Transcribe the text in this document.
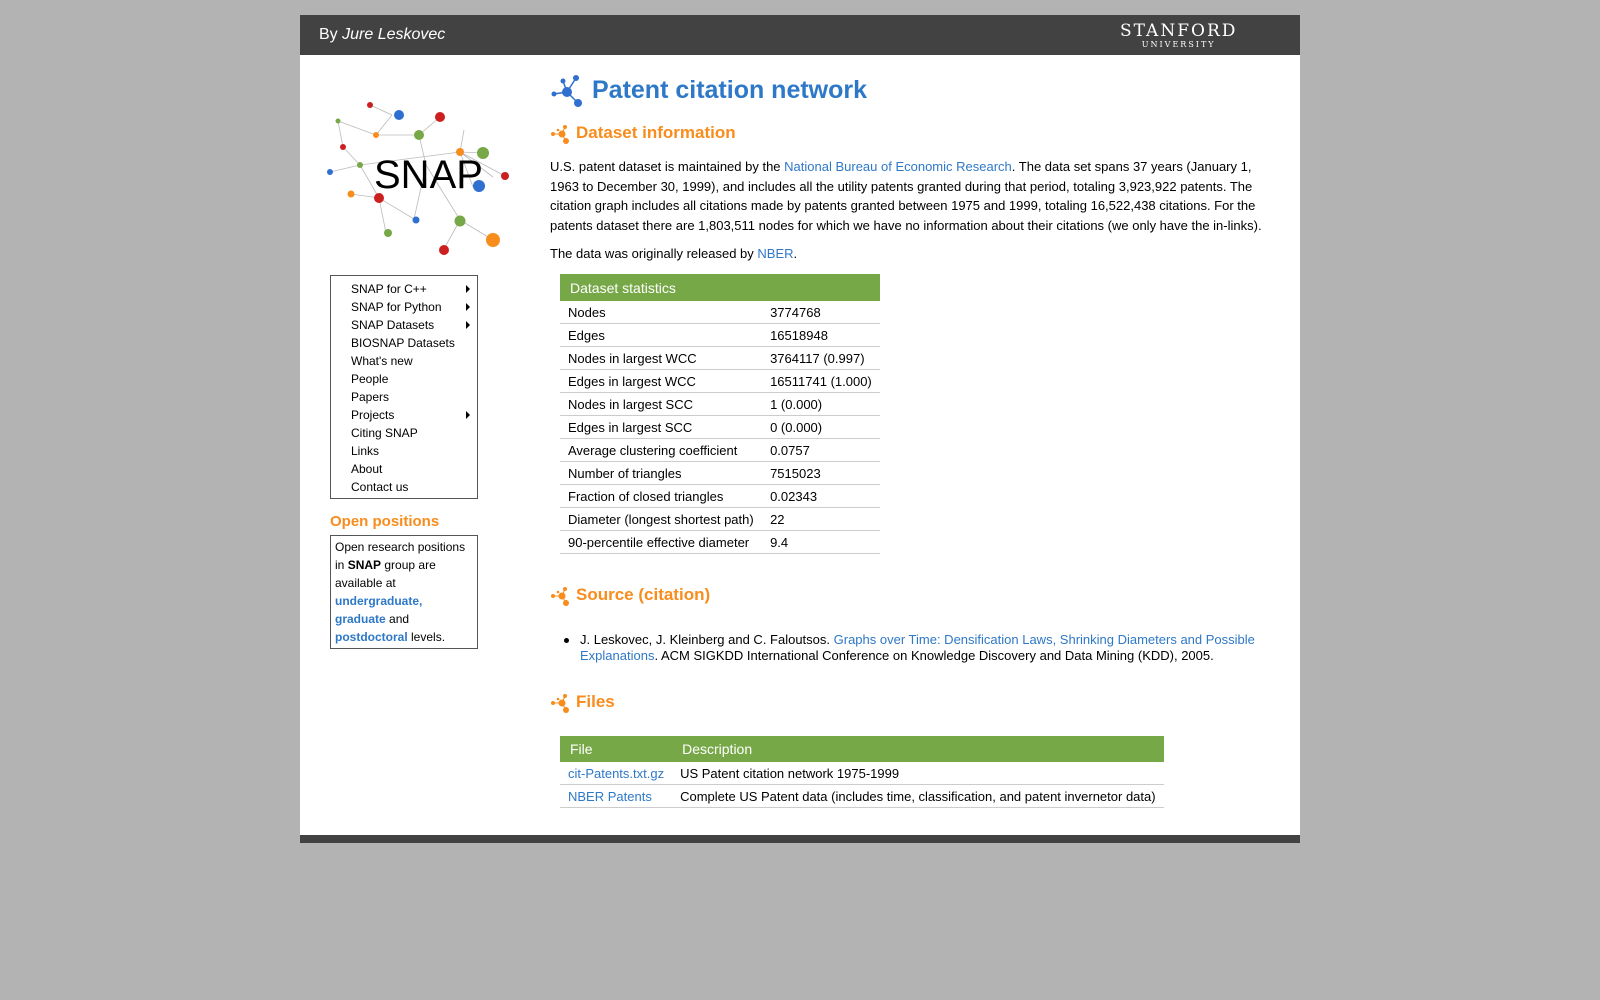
By Jure Leskovec	STANFORD
UNIVERSITY
SNAP
SNAP for C++
SNAP for Python
SNAP Datasets
BIOSNAP Datasets
What's new
People
Papers
Projects
Citing SNAP
Links
About
Contact us
Open positions
Open research positions in SNAP group are available at undergraduate, graduate and postdoctoral levels.
Patent citation network
Dataset information
U.S. patent dataset is maintained by the National Bureau of Economic Research. The data set spans 37 years (January 1, 1963 to December 30, 1999), and includes all the utility patents granted during that period, totaling 3,923,922 patents. The citation graph includes all citations made by patents granted between 1975 and 1999, totaling 16,522,438 citations. For the patents dataset there are 1,803,511 nodes for which we have no information about their citations (we only have the in-links).
The data was originally released by NBER.
Dataset statistics	
Nodes	3774768
Edges	16518948
Nodes in largest WCC	3764117 (0.997)
Edges in largest WCC	16511741 (1.000)
Nodes in largest SCC	1 (0.000)
Edges in largest SCC	0 (0.000)
Average clustering coefficient	0.0757
Number of triangles	7515023
Fraction of closed triangles	0.02343
Diameter (longest shortest path)	22
90-percentile effective diameter	9.4
Source (citation)
J. Leskovec, J. Kleinberg and C. Faloutsos. Graphs over Time: Densification Laws, Shrinking Diameters and Possible Explanations. ACM SIGKDD International Conference on Knowledge Discovery and Data Mining (KDD), 2005.
Files
File	Description
cit-Patents.txt.gz	US Patent citation network 1975-1999
NBER Patents	Complete US Patent data (includes time, classification, and patent invernetor data)
